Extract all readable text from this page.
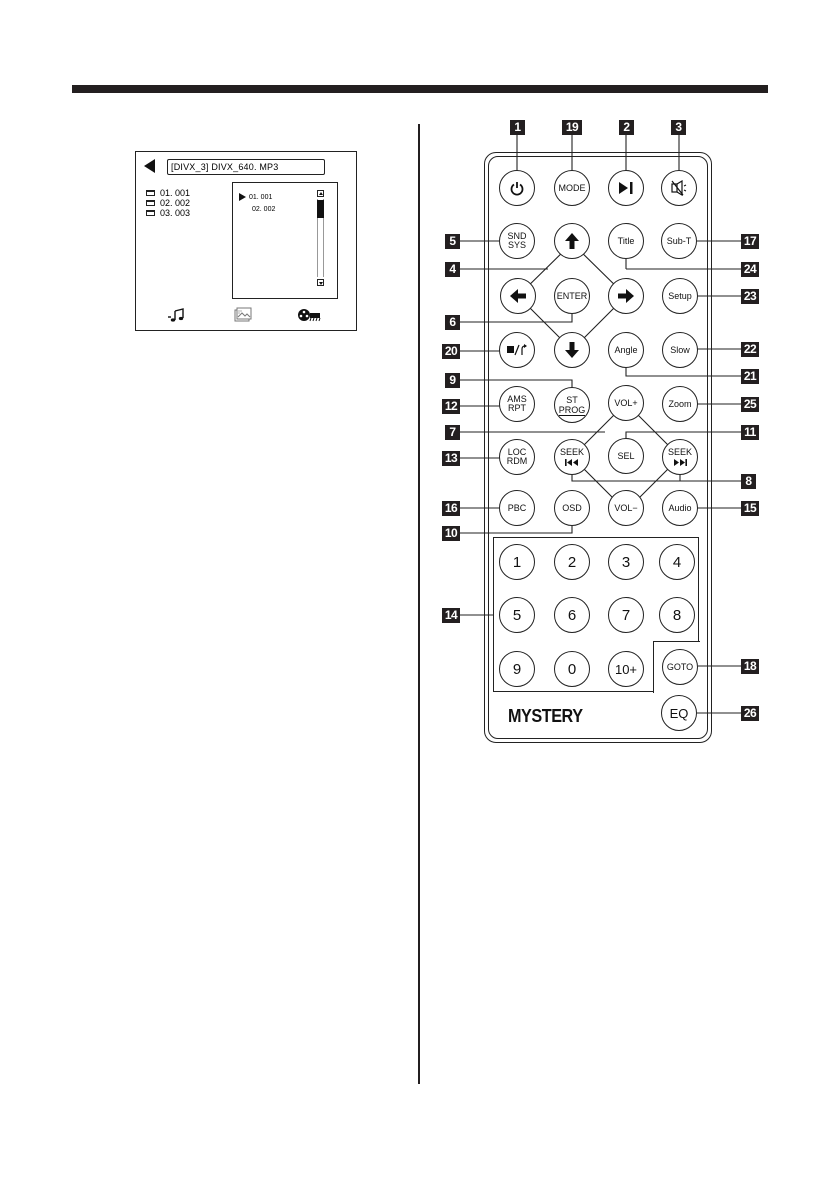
[DIVX_3] DIVX_640. MP3
01. 001
02. 002
03. 003
01. 001
02. 002
MODE
SND
SYS	Title	Sub-T
ENTER	Setup
Angle	Slow
AMS
RPT
ST
PROG
VOL+	Zoom
LOC
RDM
SEEK	SEL	SEEK
PBC	OSD	VOL−	Audio
1	2	3	4
5	6	7	8
9	0	10+	GOTO
EQ
MYSTERY
1	19	2	3
5	17
4	24
6
23
20	22
21
9
12	25
7	11
13
8
16	15
10
14
18
26
